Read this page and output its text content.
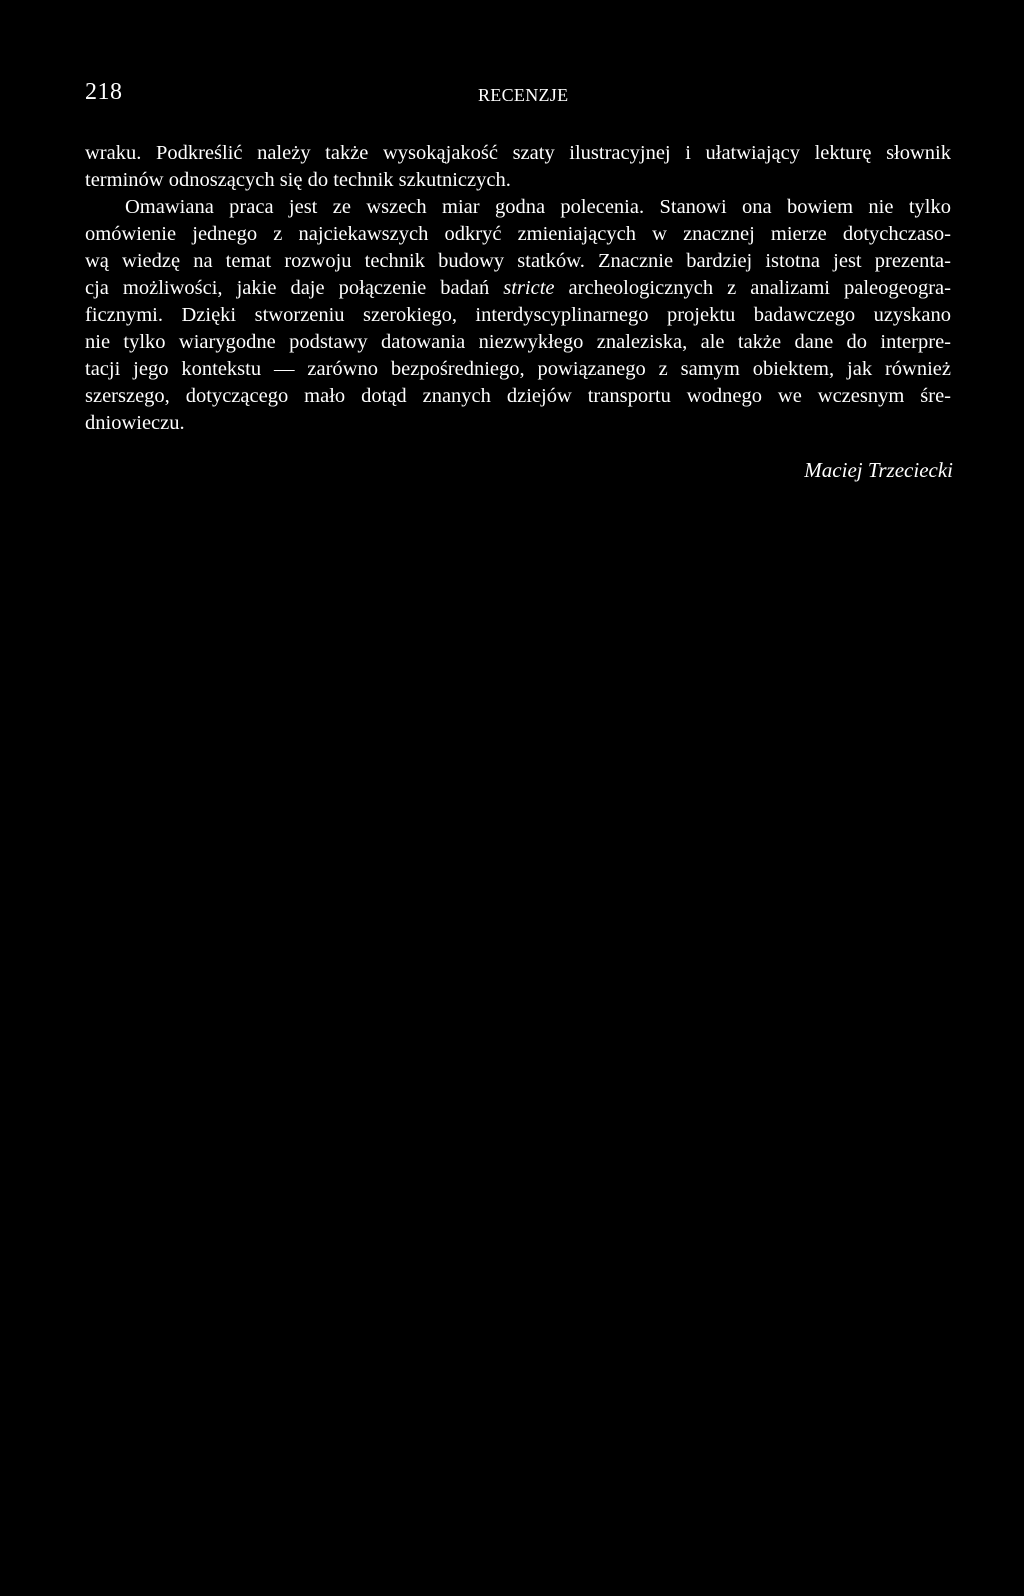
218	RECENZJE
wraku. Podkreślić należy także wysokąjakość szaty ilustracyjnej i ułatwiający lekturę słownik
terminów odnoszących się do technik szkutniczych.
Omawiana praca jest ze wszech miar godna polecenia. Stanowi ona bowiem nie tylko
omówienie jednego z najciekawszych odkryć zmieniających w znacznej mierze dotychczaso-
wą wiedzę na temat rozwoju technik budowy statków. Znacznie bardziej istotna jest prezenta-
cja możliwości, jakie daje połączenie badań stricte archeologicznych z analizami paleogeogra-
ficznymi. Dzięki stworzeniu szerokiego, interdyscyplinarnego projektu badawczego uzyskano
nie tylko wiarygodne podstawy datowania niezwykłego znaleziska, ale także dane do interpre-
tacji jego kontekstu — zarówno bezpośredniego, powiązanego z samym obiektem, jak również
szerszego, dotyczącego mało dotąd znanych dziejów transportu wodnego we wczesnym śre-
dniowieczu.
Maciej Trzeciecki
